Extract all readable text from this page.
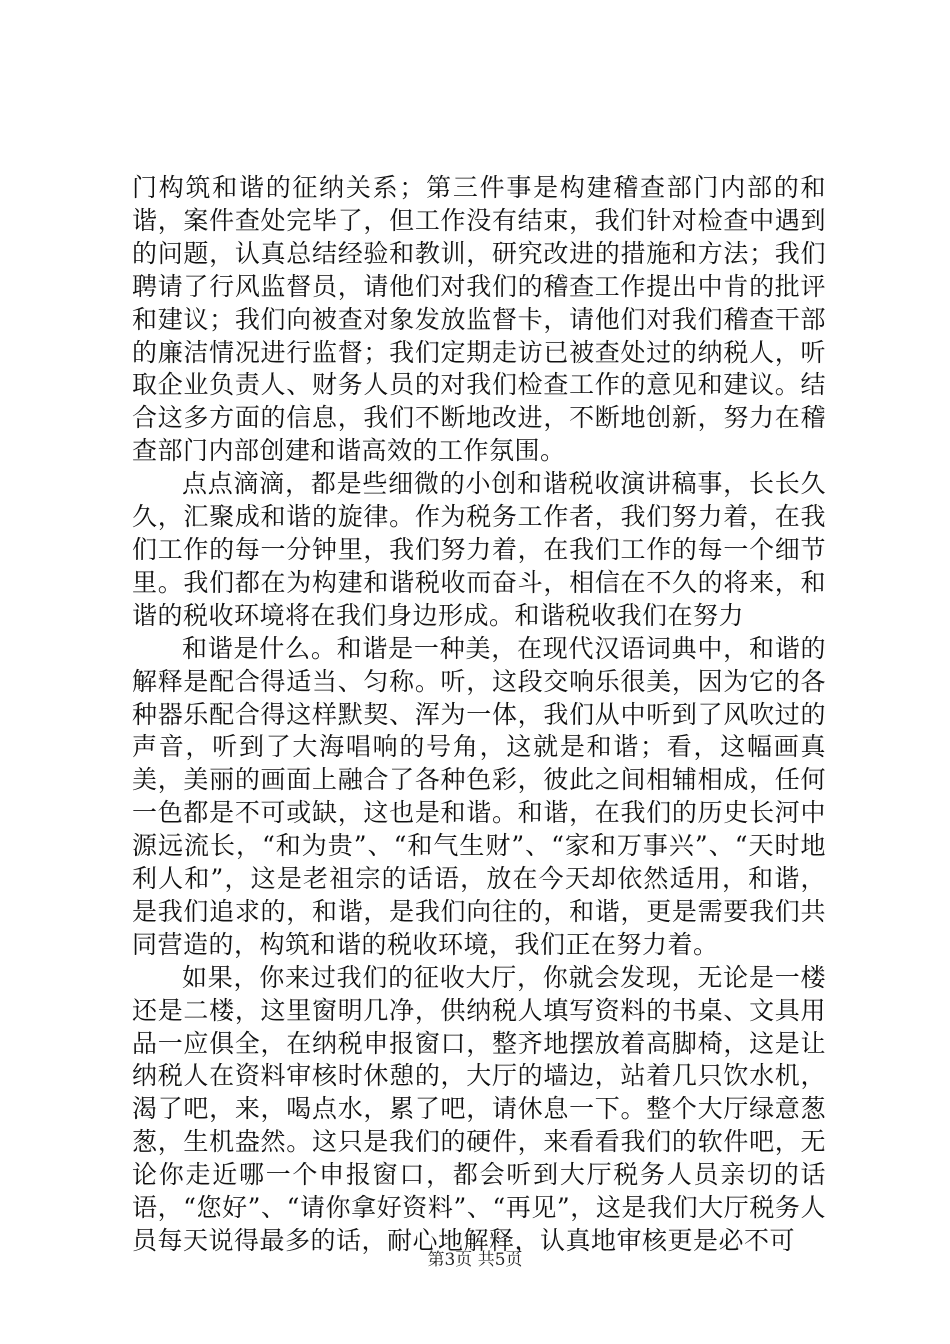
门构筑和谐的征纳关系；第三件事是构建稽查部门内部的和谐，案件查处完毕了，但工作没有结束，我们针对检查中遇到的问题，认真总结经验和教训，研究改进的措施和方法；我们聘请了行风监督员，请他们对我们的稽查工作提出中肯的批评和建议；我们向被查对象发放监督卡，请他们对我们稽查干部的廉洁情况进行监督；我们定期走访已被查处过的纳税人，听取企业负责人、财务人员的对我们检查工作的意见和建议。结合这多方面的信息，我们不断地改进，不断地创新，努力在稽查部门内部创建和谐高效的工作氛围。

点点滴滴，都是些细微的小创和谐税收演讲稿事，长长久久，汇聚成和谐的旋律。作为税务工作者，我们努力着，在我们工作的每一分钟里，我们努力着，在我们工作的每一个细节里。我们都在为构建和谐税收而奋斗，相信在不久的将来，和谐的税收环境将在我们身边形成。和谐税收我们在努力

和谐是什么。和谐是一种美，在现代汉语词典中，和谐的解释是配合得适当、匀称。听，这段交响乐很美，因为它的各种器乐配合得这样默契、浑为一体，我们从中听到了风吹过的声音，听到了大海唱响的号角，这就是和谐；看，这幅画真美，美丽的画面上融合了各种色彩，彼此之间相辅相成，任何一色都是不可或缺，这也是和谐。和谐，在我们的历史长河中源远流长，“和为贵”、“和气生财”、“家和万事兴”、“天时地利人和”，这是老祖宗的话语，放在今天却依然适用，和谐，是我们追求的，和谐，是我们向往的，和谐，更是需要我们共同营造的，构筑和谐的税收环境，我们正在努力着。

如果，你来过我们的征收大厅，你就会发现，无论是一楼还是二楼，这里窗明几净，供纳税人填写资料的书桌、文具用品一应俱全，在纳税申报窗口，整齐地摆放着高脚椅，这是让纳税人在资料审核时休憩的，大厅的墙边，站着几只饮水机，渴了吧，来，喝点水，累了吧，请休息一下。整个大厅绿意葱葱，生机盎然。这只是我们的硬件，来看看我们的软件吧，无论你走近哪一个申报窗口，都会听到大厅税务人员亲切的话语，“您好”、“请你拿好资料”、“再见”，这是我们大厅税务人员每天说得最多的话，耐心地解释，认真地审核更是必不可

第3页 共5页
